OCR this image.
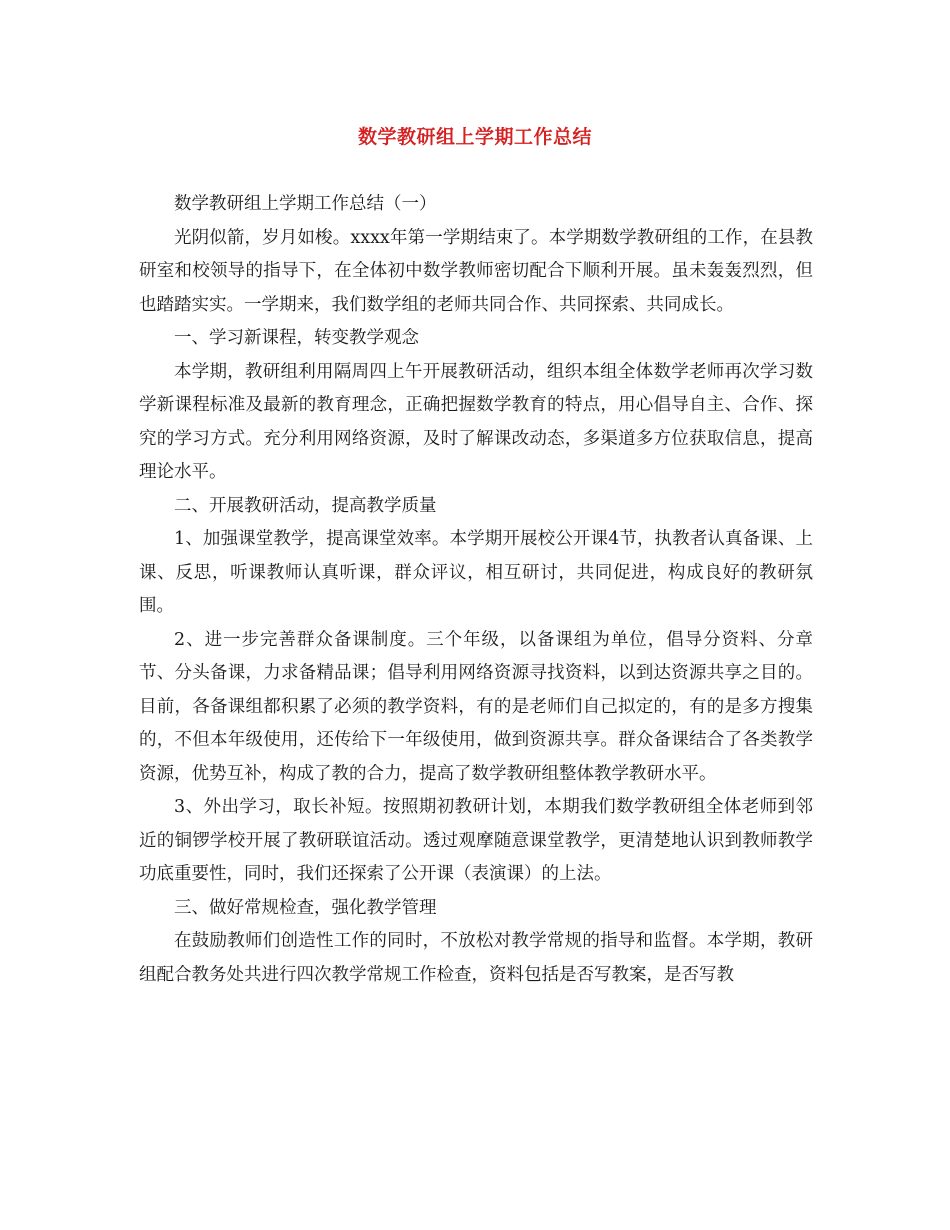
数学教研组上学期工作总结

数学教研组上学期工作总结（一）

光阴似箭，岁月如梭。xxxx年第一学期结束了。本学期数学教研组的工作，在县教研室和校领导的指导下，在全体初中数学教师密切配合下顺利开展。虽未轰轰烈烈，但也踏踏实实。一学期来，我们数学组的老师共同合作、共同探索、共同成长。

一、学习新课程，转变教学观念

本学期，教研组利用隔周四上午开展教研活动，组织本组全体数学老师再次学习数学新课程标准及最新的教育理念，正确把握数学教育的特点，用心倡导自主、合作、探究的学习方式。充分利用网络资源，及时了解课改动态，多渠道多方位获取信息，提高理论水平。

二、开展教研活动，提高教学质量

1、加强课堂教学，提高课堂效率。本学期开展校公开课4节，执教者认真备课、上课、反思，听课教师认真听课，群众评议，相互研讨，共同促进，构成良好的教研氛围。

2、进一步完善群众备课制度。三个年级，以备课组为单位，倡导分资料、分章节、分头备课，力求备精品课；倡导利用网络资源寻找资料，以到达资源共享之目的。目前，各备课组都积累了必须的教学资料，有的是老师们自己拟定的，有的是多方搜集的，不但本年级使用，还传给下一年级使用，做到资源共享。群众备课结合了各类教学资源，优势互补，构成了教的合力，提高了数学教研组整体教学教研水平。

3、外出学习，取长补短。按照期初教研计划，本期我们数学教研组全体老师到邻近的铜锣学校开展了教研联谊活动。透过观摩随意课堂教学，更清楚地认识到教师教学功底重要性，同时，我们还探索了公开课（表演课）的上法。

三、做好常规检查，强化教学管理

在鼓励教师们创造性工作的同时，不放松对教学常规的指导和监督。本学期，教研组配合教务处共进行四次教学常规工作检查，资料包括是否写教案，是否写教
